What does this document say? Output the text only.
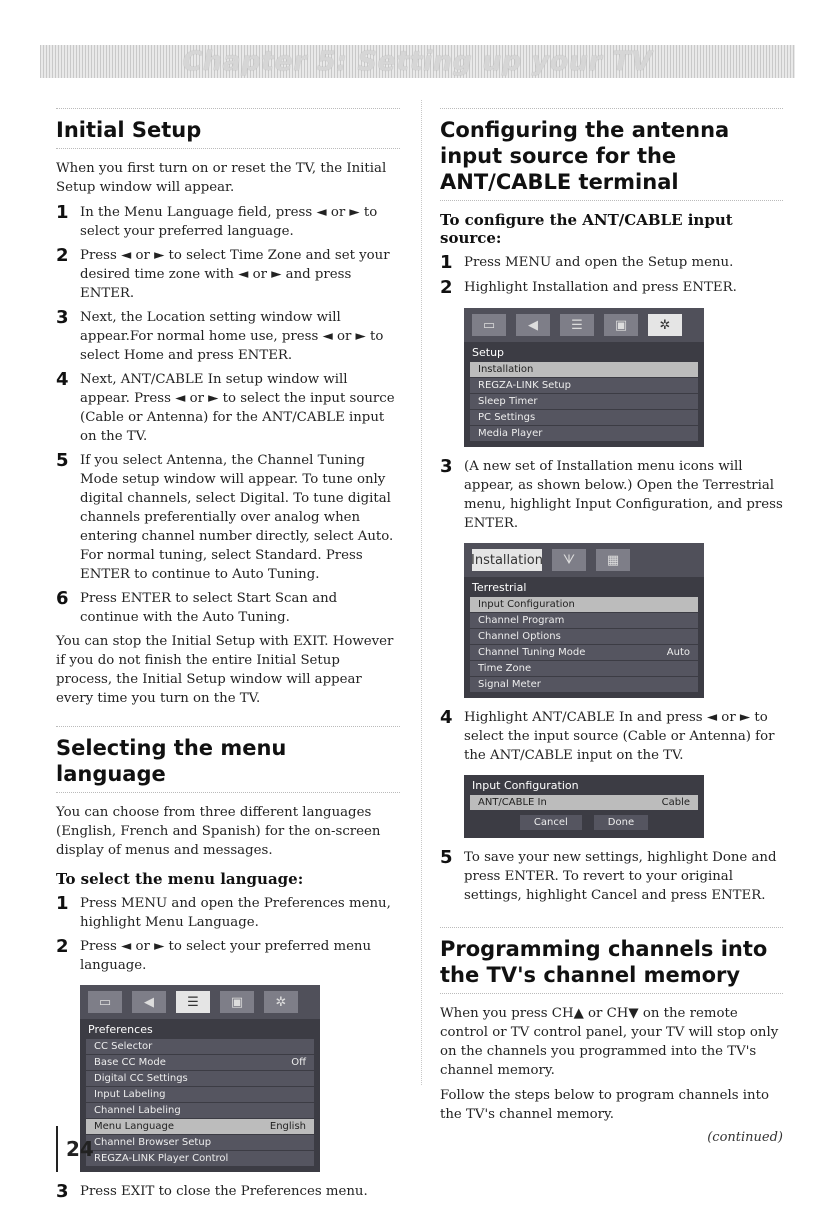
Chapter 5: Setting up your TV
Initial Setup

When you first turn on or reset the TV, the Initial Setup window will appear.

1 In the Menu Language field, press ◄ or ► to select your preferred language.
2 Press ◄ or ► to select Time Zone and set your desired time zone with ◄ or ► and press ENTER.
3 Next, the Location setting window will appear.For normal home use, press ◄ or ► to select Home and press ENTER.
4 Next, ANT/CABLE In setup window will appear. Press ◄ or ► to select the input source (Cable or Antenna) for the ANT/CABLE input on the TV.
5 If you select Antenna, the Channel Tuning Mode setup window will appear. To tune only digital channels, select Digital. To tune digital channels preferentially over analog when entering channel number directly, select Auto. For normal tuning, select Standard. Press ENTER to continue to Auto Tuning.
6 Press ENTER to select Start Scan and continue with the Auto Tuning.

You can stop the Initial Setup with EXIT. However if you do not finish the entire Initial Setup process, the Initial Setup window will appear every time you turn on the TV.

Selecting the menu language

You can choose from three different languages (English, French and Spanish) for the on-screen display of menus and messages.

To select the menu language:
1 Press MENU and open the Preferences menu, highlight Menu Language.
2 Press ◄ or ► to select your preferred menu language.
▭	◀	☰	▣	✲
Preferences
CC Selector
Base CC Mode	Off
Digital CC Settings
Input Labeling
Channel Labeling
Menu Language	English
Channel Browser Setup
REGZA-LINK Player Control
3 Press EXIT to close the Preferences menu.
Configuring the antenna input source for the ANT/CABLE terminal
To configure the ANT/CABLE input source:
1 Press MENU and open the Setup menu.
2 Highlight Installation and press ENTER.
▭	◀	☰	▣	✲
Setup
Installation
REGZA-LINK Setup
Sleep Timer
PC Settings
Media Player
3 (A new set of Installation menu icons will appear, as shown below.) Open the Terrestrial menu, highlight Input Configuration, and press ENTER.
Installation	ᗐ	▦
Terrestrial
Input Configuration
Channel Program
Channel Options
Channel Tuning Mode	Auto
Time Zone
Signal Meter
4 Highlight ANT/CABLE In and press ◄ or ► to select the input source (Cable or Antenna) for the ANT/CABLE input on the TV.
Input Configuration
ANT/CABLE In	Cable
Cancel	Done
5 To save your new settings, highlight Done and press ENTER. To revert to your original settings, highlight Cancel and press ENTER.
Programming channels into the TV's channel memory

When you press CH▲ or CH▼ on the remote control or TV control panel, your TV will stop only on the channels you programmed into the TV's channel memory.

Follow the steps below to program channels into the TV's channel memory.

(continued)
24
